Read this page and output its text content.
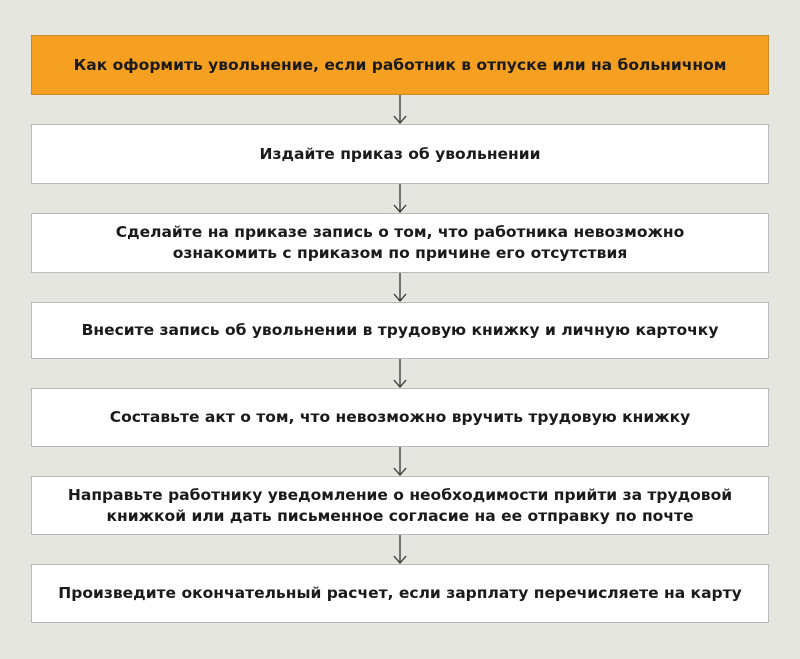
Как оформить увольнение, если работник в отпуске или на больничном
Издайте приказ об увольнении
Сделайте на приказе запись о том, что работника невозможно
ознакомить с приказом по причине его отсутствия
Внесите запись об увольнении в трудовую книжку и личную карточку
Составьте акт о том, что невозможно вручить трудовую книжку
Направьте работнику уведомление о необходимости прийти за трудовой
книжкой или дать письменное согласие на ее отправку по почте
Произведите окончательный расчет, если зарплату перечисляете на карту
